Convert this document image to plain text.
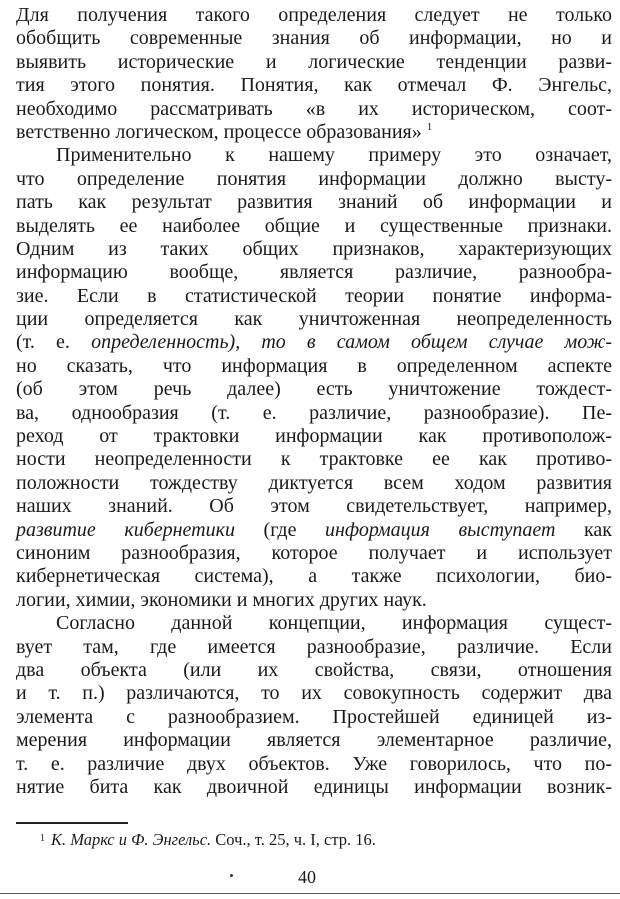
Для получения такого определения следует не только
обобщить современные знания об информации, но и
выявить исторические и логические тенденции разви-
тия этого понятия. Понятия, как отмечал Ф. Энгельс,
необходимо рассматривать «в их историческом, соот-
ветственно логическом, процессе образования» $^1$
Применительно к нашему примеру это означает,
что определение понятия информации должно высту-
пать как результат развития знаний об информации и
выделять ее наиболее общие и существенные признаки.
Одним из таких общих признаков, характеризующих
информацию вообще, является различие, разнообра-
зие. Если в статистической теории понятие информа-
ции определяется как уничтоженная неопределенность
(т. е. определенность), то в самом общем случае мож-
но сказать, что информация в определенном аспекте
(об этом речь далее) есть уничтожение тождест-
ва, однообразия (т. е. различие, разнообразие). Пе-
реход от трактовки информации как противополож-
ности неопределенности к трактовке ее как противо-
положности тождеству диктуется всем ходом развития
наших знаний. Об этом свидетельствует, например,
развитие кибернетики (где информация выступает как
синоним разнообразия, которое получает и использует
кибернетическая система), а также психологии, био-
логии, химии, экономики и многих других наук.
Согласно данной концепции, информация сущест-
вует там, где имеется разнообразие, различие. Если
два объекта (или их свойства, связи, отношения
и т. п.) различаются, то их совокупность содержит два
элемента с разнообразием. Простейшей единицей из-
мерения информации является элементарное различие,
т. е. различие двух объектов. Уже говорилось, что по-
нятие бита как двоичной единицы информации возник-
$^1$ К. Маркс и Ф. Энгельс. Соч., т. 25, ч. I, стр. 16.
40
